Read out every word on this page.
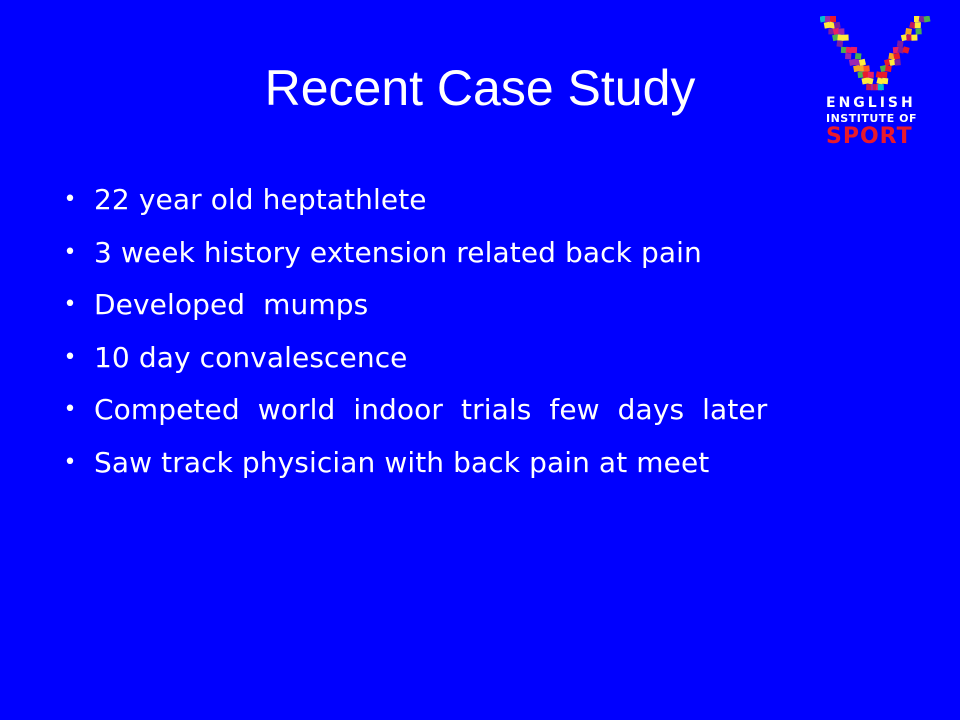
Recent Case Study
• 22 year old heptathlete
• 3 week history extension related back pain
• Developed  mumps
• 10 day convalescence
• Competed  world  indoor  trials  few  days  later
• Saw track physician with back pain at meet
ENGLISH
INSTITUTE OF
SPORT
